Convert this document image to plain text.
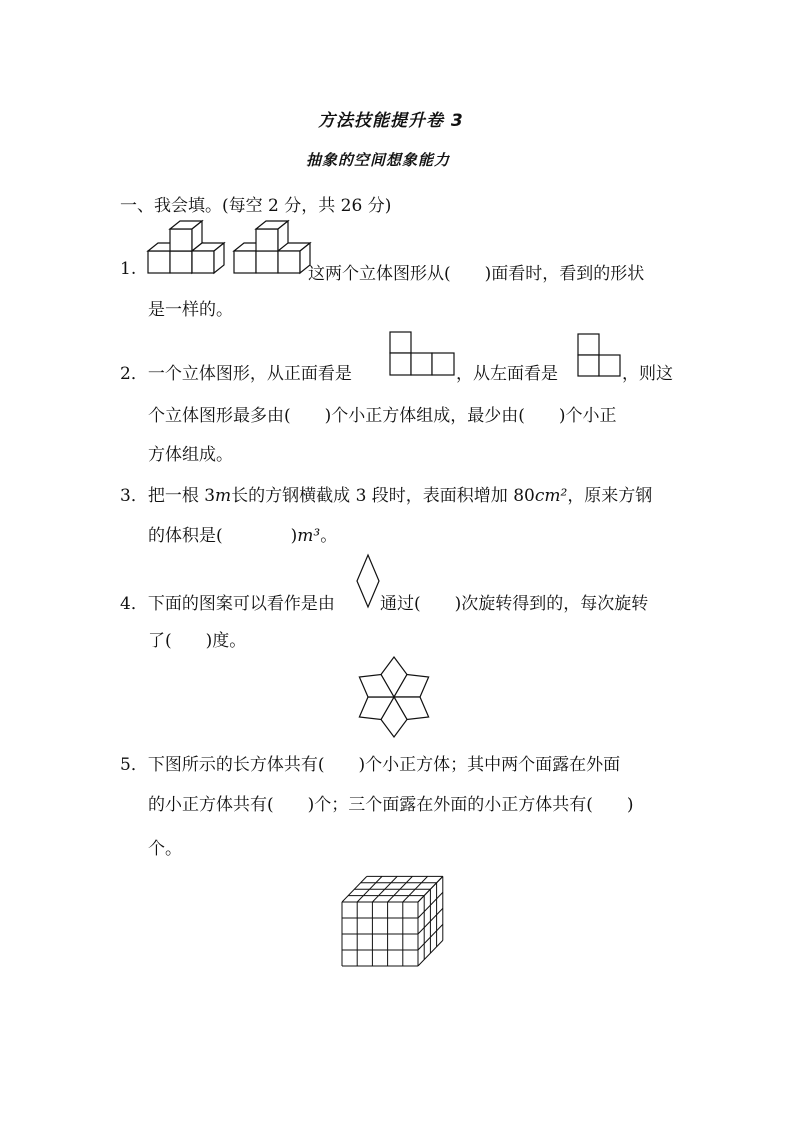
方法技能提升卷 3
抽象的空间想象能力
一、我会填。(每空 2 分，共 26 分)
1.	这两个立体图形从(　　)面看时，看到的形状
是一样的。
2．一个立体图形，从正面看是	，从左面看是	，则这
个立体图形最多由(　　)个小正方体组成，最少由(　　)个小正
方体组成。
3．把一根 3m长的方钢横截成 3 段时，表面积增加 80cm²，原来方钢
的体积是(　　　　)m³。
4．下面的图案可以看作是由	通过(　　)次旋转得到的，每次旋转
了(　　)度。
5．下图所示的长方体共有(　　)个小正方体；其中两个面露在外面
的小正方体共有(　　)个；三个面露在外面的小正方体共有(　　)
个。
